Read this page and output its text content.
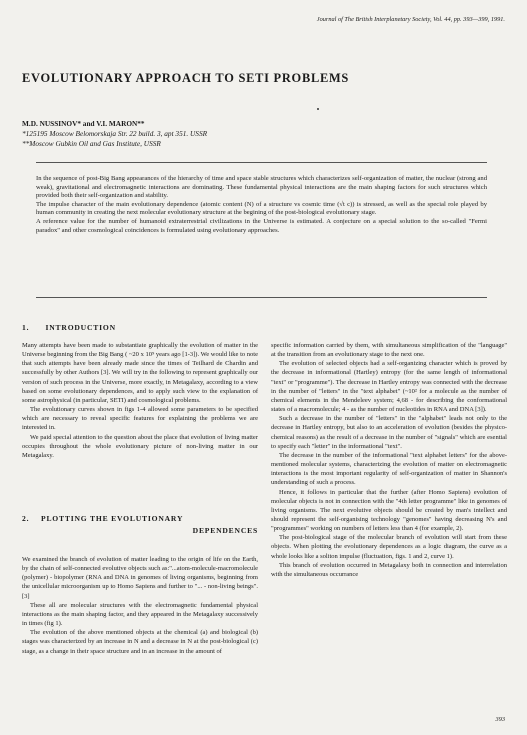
Journal of The British Interplanetary Society, Vol. 44, pp. 393—399, 1991.
EVOLUTIONARY APPROACH TO SETI PROBLEMS
M.D. NUSSINOV* and V.I. MARON**
*125195 Moscow Belomorskaja Str. 22 build. 3, apt 351. USSR
**Moscow Gubkin Oil and Gas Institute, USSR

In the sequence of post-Big Bang appearances of the hierarchy of time and space stable structures which characterizes self-organization of matter, the nuclear (strong and weak), gravitational and electromagnetic interactions are dominating. These fundamental physical interactions are the main shaping factors for such structures which provided both their self-organization and stability.

The impulse character of the main evolutionary dependence (atomic content (N) of a structure vs cosmic time (√t c)) is stressed, as well as the special role played by human community in creating the next molecular evolutionary structure at the begining of the post-biological evolutionary stage.

A reference value for the number of humanoid extraterrestrial civilizations in the Universe is estimated. A conjecture on a special solution to the so-called "Fermi paradox" and other cosmological coincidences is formulated using evolutionary approaches.

1. INTRODUCTION

Many attempts have been made to substantiate graphically the evolution of matter in the Universe beginning from the Big Bang ( ~20 x 10⁹ years ago [1-3]). We would like to note that such attempts have been already made since the times of Teilhard de Chardin and successfully by other Authors [3]. We will try in the following to represent graphically our version of such process in the Universe, more exactly, in Metagalaxy, according to a view based on some evolutionary dependences, and to apply such view to the explanation of some astrophysical (in particular, SETI) and cosmological problems.

The evolutionary curves shown in figs 1-4 allowed some parameters to be specified which are necessary to reveal specific features for explaining the problems we are interested in.

We paid special attention to the question about the place that evolution of living matter occupies throughout the whole evolutionary picture of non-living matter in our Metagalaxy.

2. PLOTTING THE EVOLUTIONARY
DEPENDENCES

We examined the branch of evolution of matter leading to the origin of life on the Earth, by the chain of self-connected evolutive objects such as:"...atom-molecule-macromolecule (polymer) - biopolymer (RNA and DNA in genomes of living organisms, beginning from the unicellular microorganism up to Homo Sapiens and further to "... - non-living beings". [3]

These all are molecular structures with the electromagnetic fundamental physical interactions as the main shaping factor, and they appeared in the Metagalaxy successively in times (fig 1).

The evolution of the above mentioned objects at the chemical (a) and biological (b) stages was characterized by an increase in N and a decrease in N at the post-biological (c) stage, as a change in their space structure and in an increase in the amount of

specific information carried by them, with simultaneous simplification of the "language" at the transition from an evolutionary stage to the next one.

The evolution of selected objects had a self-organizing character which is proved by the decrease in informational (Hartley) entropy (for the same length of informational "text" or "programme"). The decrease in Hartley entropy was connected with the decrease in the number of "letters" in the "text alphabet" (~10² for a molecule as the number of chemical elements in the Mendeleev system; 4,68 - for describing the conformational states of a macromolecule; 4 - as the number of nucleotides in RNA and DNA [3]).

Such a decrease in the number of "letters" in the "alphabet" leads not only to the decrease in Hartley entropy, but also to an acceleration of evolution (besides the physico-chemical reasons) as the result of a decrease in the number of "signals" which are esential to specify each "letter" in the informational "text".

The decrease in the number of the informational "text alphabet letters" for the above-mentioned molecular systems, characterizing the evolution of matter on electromagnetic interactions is the most important regularity of self-organization of matter in Shannon's understanding of such a process.

Hence, it follows in particular that the further (after Homo Sapiens) evolution of molecular objects is not in connection with the "4th letter programme" like in genomes of living organisms. The next evolutive objects should be created by man's intellect and should represent the self-organising technology "genomes" having decreasing N's and "programmes" working on numbers of letters less than 4 (for example, 2).

The post-biological stage of the molecular branch of evolution will start from these objects. When plotting the evolutionary dependences as a logic diagram, the curve as a whole looks like a soliton impulse (fluctuation, figs. 1 and 2, curve 1).

This branch of evolution occurred in Metagalaxy both in connection and interrelation with the simultaneous occurrance

393
